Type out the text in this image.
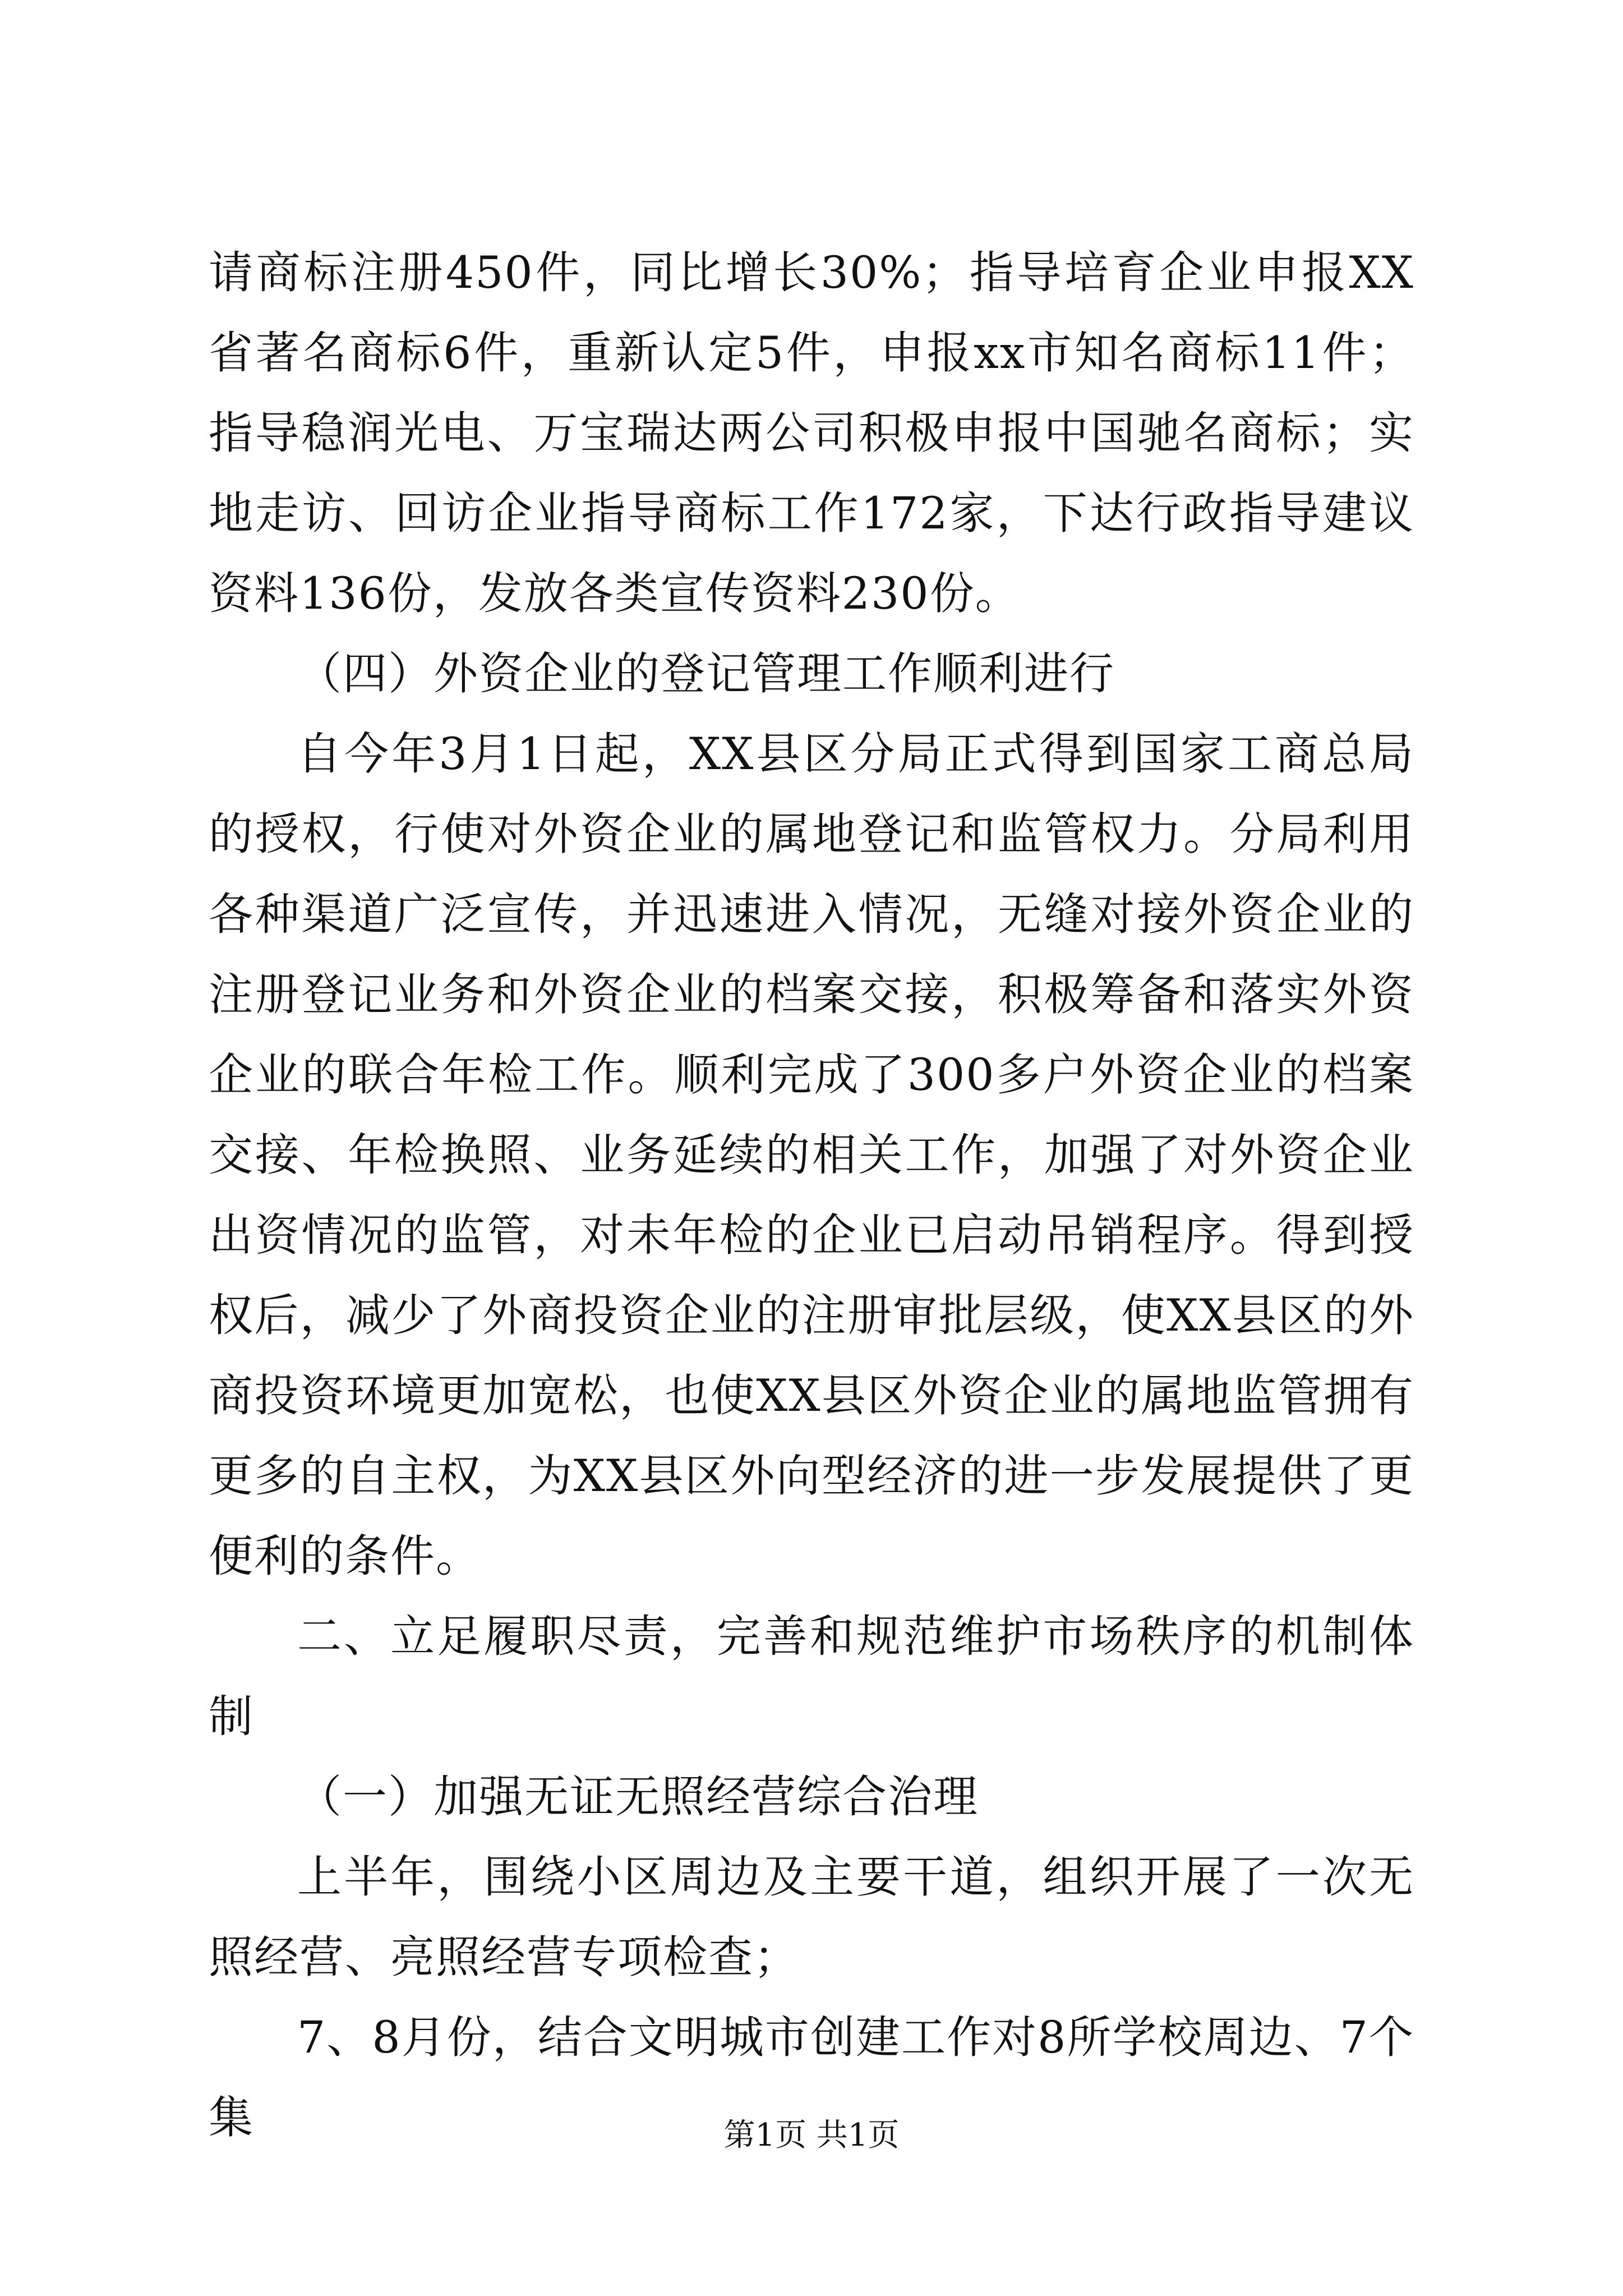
请商标注册450件，同比增长30%；指导培育企业申报XX省著名商标6件，重新认定5件，申报xx市知名商标11件；指导稳润光电、万宝瑞达两公司积极申报中国驰名商标；实地走访、回访企业指导商标工作172家，下达行政指导建议资料136份，发放各类宣传资料230份。

（四）外资企业的登记管理工作顺利进行

自今年3月1日起，XX县区分局正式得到国家工商总局的授权，行使对外资企业的属地登记和监管权力。分局利用各种渠道广泛宣传，并迅速进入情况，无缝对接外资企业的注册登记业务和外资企业的档案交接，积极筹备和落实外资企业的联合年检工作。顺利完成了300多户外资企业的档案交接、年检换照、业务延续的相关工作，加强了对外资企业出资情况的监管，对未年检的企业已启动吊销程序。得到授权后，减少了外商投资企业的注册审批层级，使XX县区的外商投资环境更加宽松，也使XX县区外资企业的属地监管拥有更多的自主权，为XX县区外向型经济的进一步发展提供了更便利的条件。

二、立足履职尽责，完善和规范维护市场秩序的机制体制

（一）加强无证无照经营综合治理

上半年，围绕小区周边及主要干道，组织开展了一次无照经营、亮照经营专项检查；

7、8月份，结合文明城市创建工作对8所学校周边、7个集	第1页 共1页
